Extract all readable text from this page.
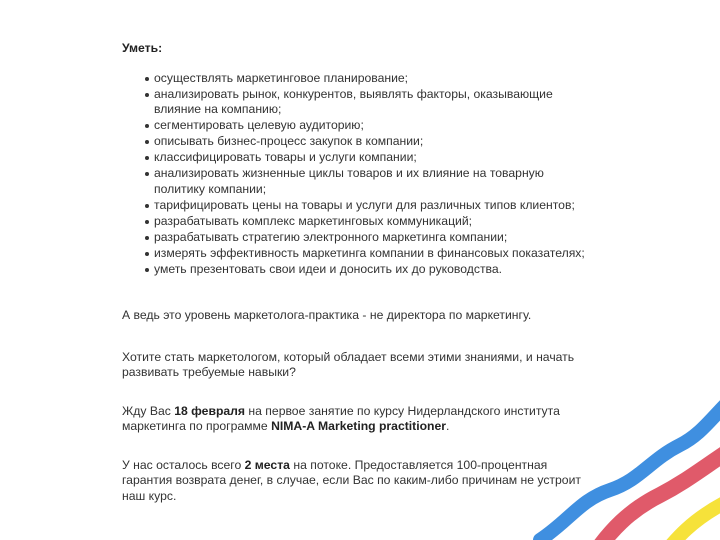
Уметь:

осуществлять маркетинговое планирование;
анализировать рынок, конкурентов, выявлять факторы, оказывающие влияние на компанию;
сегментировать целевую аудиторию;
описывать бизнес-процесс закупок в компании;
классифицировать товары и услуги компании;
анализировать жизненные циклы товаров и их влияние на товарную политику компании;
тарифицировать цены на товары и услуги для различных типов клиентов;
разрабатывать комплекс маркетинговых коммуникаций;
разрабатывать стратегию электронного маркетинга компании;
измерять эффективность маркетинга компании в финансовых показателях;
уметь презентовать свои идеи и доносить их до руководства.

А ведь это уровень маркетолога-практика - не директора по маркетингу.

Хотите стать маркетологом, который обладает всеми этими знаниями, и начать развивать требуемые навыки?

Жду Вас 18 февраля на первое занятие по курсу Нидерландского института маркетинга по программе NIMA-A Marketing practitioner.

У нас осталось всего 2 места на потоке. Предоставляется 100-процентная гарантия возврата денег, в случае, если Вас по каким-либо причинам не устроит наш курс.
